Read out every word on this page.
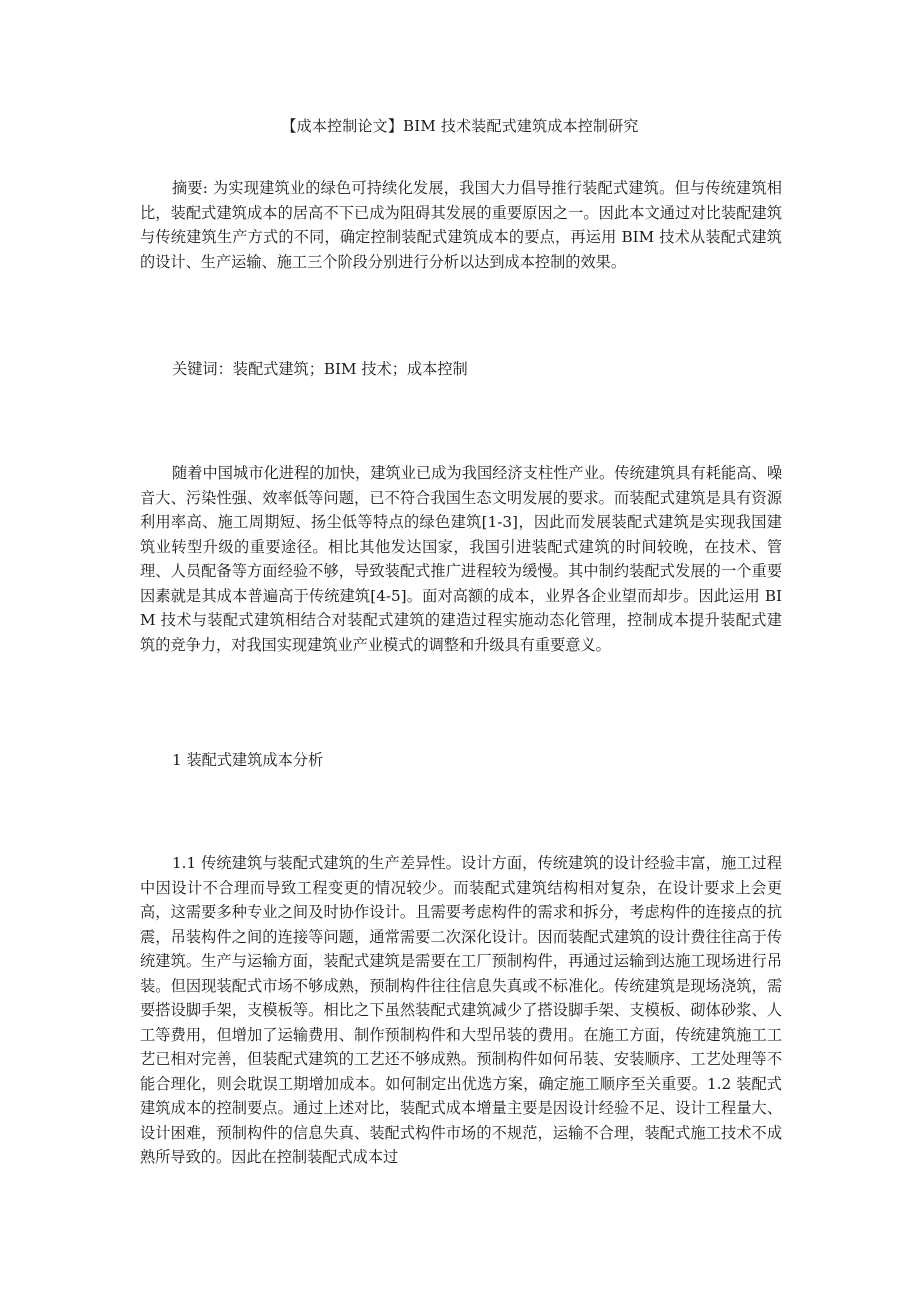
【成本控制论文】BIM 技术装配式建筑成本控制研究

摘要: 为实现建筑业的绿色可持续化发展，我国大力倡导推行装配式建筑。但与传统建筑相比，装配式建筑成本的居高不下已成为阻碍其发展的重要原因之一。因此本文通过对比装配建筑与传统建筑生产方式的不同，确定控制装配式建筑成本的要点，再运用 BIM 技术从装配式建筑的设计、生产运输、施工三个阶段分别进行分析以达到成本控制的效果。

关键词：装配式建筑；BIM 技术；成本控制

随着中国城市化进程的加快，建筑业已成为我国经济支柱性产业。传统建筑具有耗能高、噪音大、污染性强、效率低等问题，已不符合我国生态文明发展的要求。而装配式建筑是具有资源利用率高、施工周期短、扬尘低等特点的绿色建筑[1-3]，因此而发展装配式建筑是实现我国建筑业转型升级的重要途径。相比其他发达国家，我国引进装配式建筑的时间较晚，在技术、管理、人员配备等方面经验不够，导致装配式推广进程较为缓慢。其中制约装配式发展的一个重要因素就是其成本普遍高于传统建筑[4-5]。面对高额的成本，业界各企业望而却步。因此运用 BIM 技术与装配式建筑相结合对装配式建筑的建造过程实施动态化管理，控制成本提升装配式建筑的竞争力，对我国实现建筑业产业模式的调整和升级具有重要意义。

1 装配式建筑成本分析

1.1 传统建筑与装配式建筑的生产差异性。设计方面，传统建筑的设计经验丰富，施工过程中因设计不合理而导致工程变更的情况较少。而装配式建筑结构相对复杂，在设计要求上会更高，这需要多种专业之间及时协作设计。且需要考虑构件的需求和拆分，考虑构件的连接点的抗震，吊装构件之间的连接等问题，通常需要二次深化设计。因而装配式建筑的设计费往往高于传统建筑。生产与运输方面，装配式建筑是需要在工厂预制构件，再通过运输到达施工现场进行吊装。但因现装配式市场不够成熟，预制构件往往信息失真或不标准化。传统建筑是现场浇筑，需要搭设脚手架，支模板等。相比之下虽然装配式建筑减少了搭设脚手架、支模板、砌体砂浆、人工等费用，但增加了运输费用、制作预制构件和大型吊装的费用。在施工方面，传统建筑施工工艺已相对完善，但装配式建筑的工艺还不够成熟。预制构件如何吊装、安装顺序、工艺处理等不能合理化，则会耽误工期增加成本。如何制定出优选方案，确定施工顺序至关重要。1.2 装配式建筑成本的控制要点。通过上述对比，装配式成本增量主要是因设计经验不足、设计工程量大、设计困难，预制构件的信息失真、装配式构件市场的不规范，运输不合理，装配式施工技术不成熟所导致的。因此在控制装配式成本过
